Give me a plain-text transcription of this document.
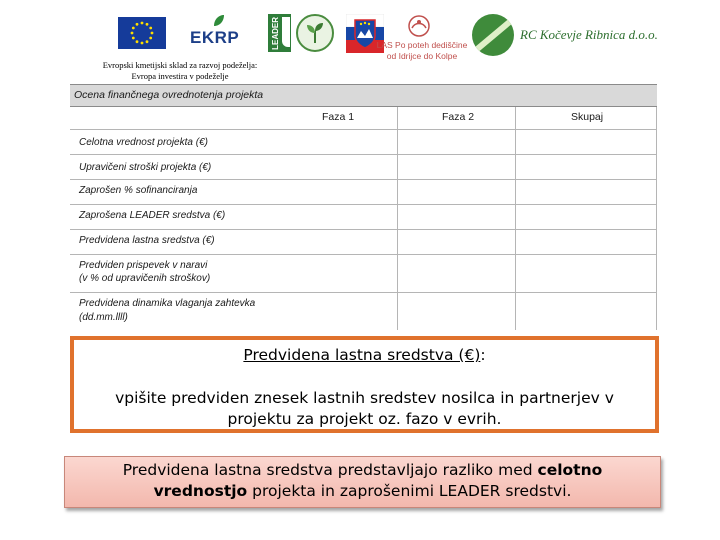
EKRP	LEADER	LAS Po poteh dediščine od Idrijce do Kolpe
RC Kočevje Ribnica d.o.o.
Evropski kmetijski sklad za razvoj podeželja:
Evropa investira v podeželje
Ocena finančnega ovrednotenja projekta
Faza 1	Faza 2	Skupaj
Celotna vrednost projekta (€)
Upravičeni stroški projekta (€)
Zaprošen % sofinanciranja
Zaprošena LEADER sredstva (€)
Predvidena lastna sredstva (€)
Predviden prispevek v naravi
(v % od upravičenih stroškov)
Predvidena dinamika vlaganja zahtevka
(dd.mm.llll)
Predvidena lastna sredstva (€):
vpišite predviden znesek lastnih sredstev nosilca in partnerjev v projektu za projekt oz. fazo v evrih.
Predvidena lastna sredstva predstavljajo razliko med celotno
vrednostjo projekta in zaprošenimi LEADER sredstvi.
